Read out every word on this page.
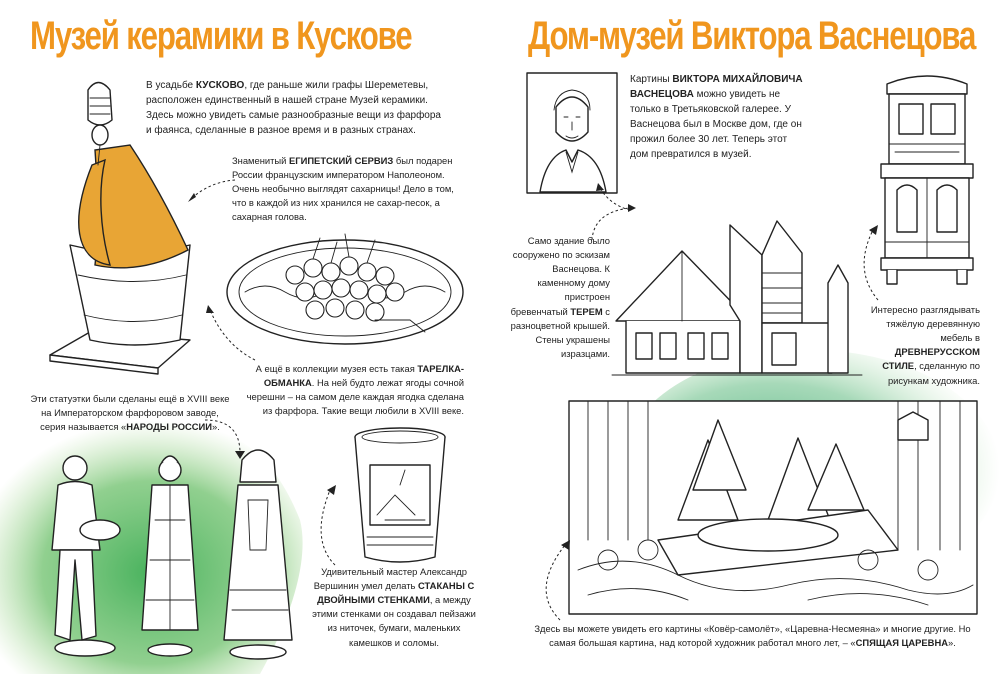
Музей керамики в Кускове
В усадьбе КУСКОВО, где раньше жили графы Шереметевы, расположен единственный в нашей стране Музей керамики. Здесь можно увидеть самые разнообразные вещи из фарфора и фаянса, сделанные в разное время и в разных странах.
Знаменитый ЕГИПЕТСКИЙ СЕРВИЗ был подарен России французским императором Наполеоном. Очень необычно выглядят сахарницы! Дело в том, что в каждой из них хранился не сахар-песок, а сахарная голова.
А ещё в коллекции музея есть такая ТАРЕЛКА-ОБМАНКА. На ней будто лежат ягоды сочной черешни – на самом деле каждая ягодка сделана из фарфора. Такие вещи любили в XVIII веке.
Эти статуэтки были сделаны ещё в XVIII веке на Императорском фарфоровом заводе, серия называется «НАРОДЫ РОССИИ».
Удивительный мастер Александр Вершинин умел делать СТАКАНЫ С ДВОЙНЫМИ СТЕНКАМИ, а между этими стенками он создавал пейзажи из ниточек, бумаги, маленьких камешков и соломы.
Дом-музей Виктора Васнецова
Картины ВИКТОРА МИХАЙЛОВИЧА ВАСНЕЦОВА можно увидеть не только в Третьяковской галерее. У Васнецова был в Москве дом, где он прожил более 30 лет. Теперь этот дом превратился в музей.
Само здание было сооружено по эскизам Васнецова. К каменному дому пристроен бревенчатый ТЕРЕМ с разноцветной крышей. Стены украшены изразцами.
Интересно разглядывать тяжёлую деревянную мебель в ДРЕВНЕРУССКОМ СТИЛЕ, сделанную по рисункам художника.
Здесь вы можете увидеть его картины «Ковёр-самолёт», «Царевна-Несмеяна» и многие другие. Но самая большая картина, над которой художник работал много лет, – «СПЯЩАЯ ЦАРЕВНА».
